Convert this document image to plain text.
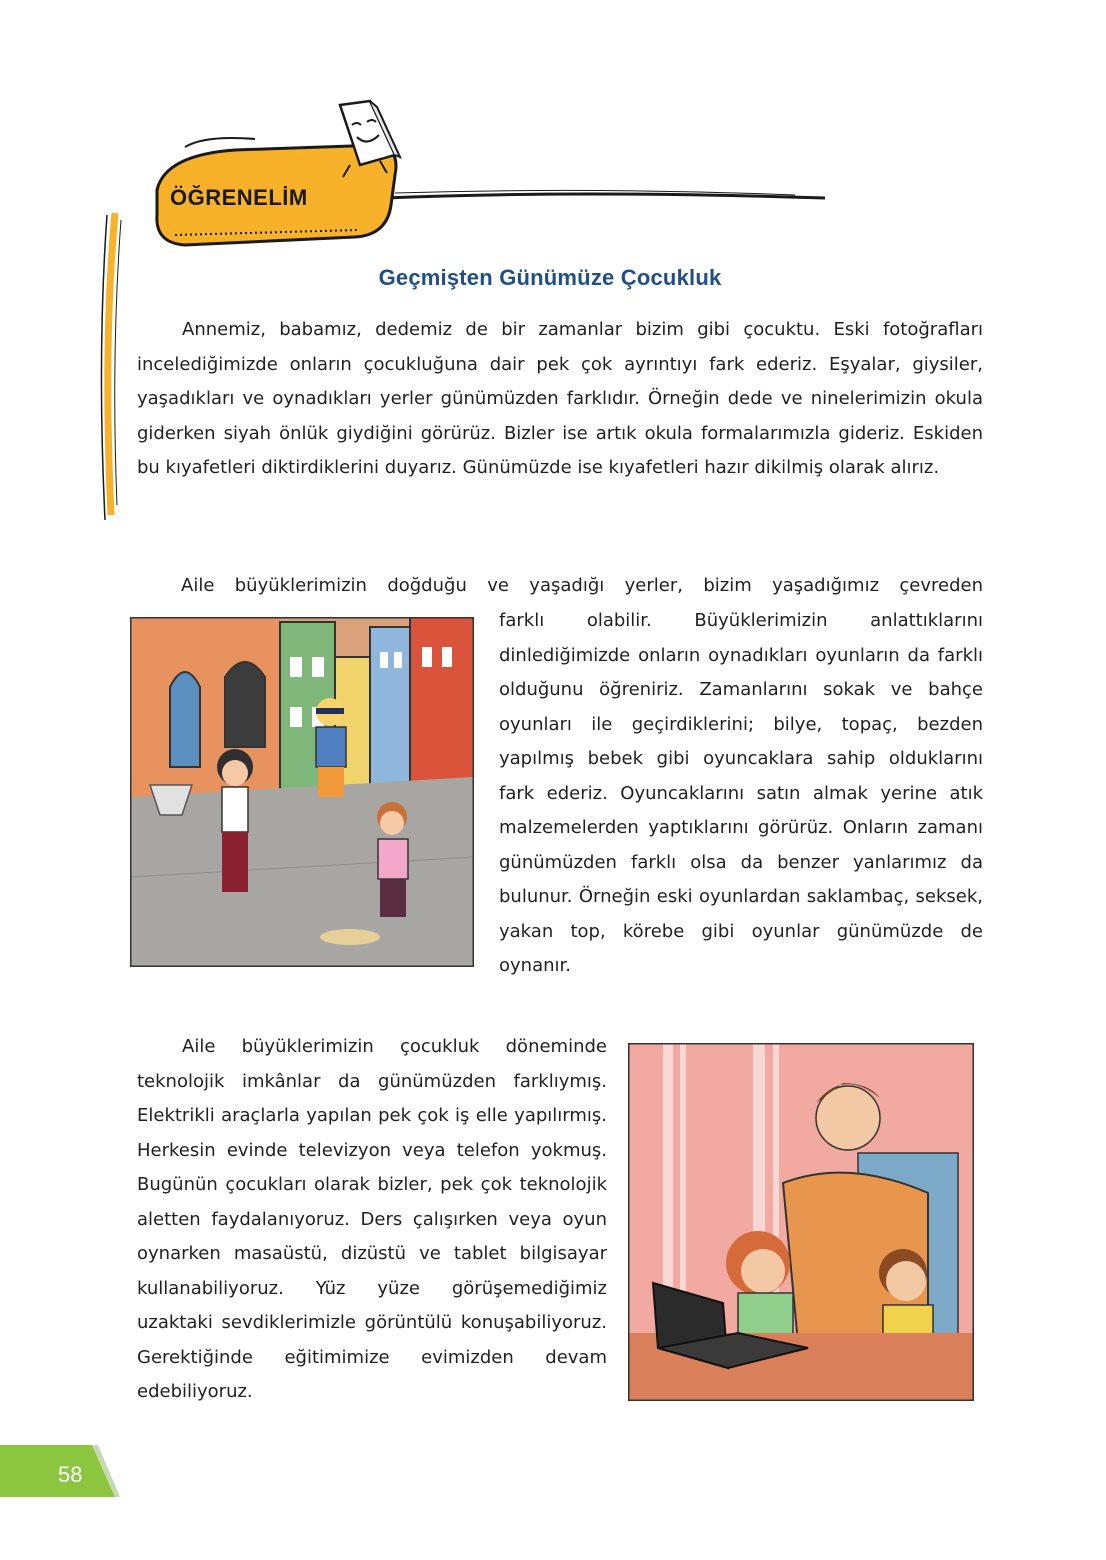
ÖĞRENELİM
Geçmişten Günümüze Çocukluk
Annemiz, babamız, dedemiz de bir zamanlar bizim gibi çocuktu. Eski fotoğrafları incelediğimizde onların çocukluğuna dair pek çok ayrıntıyı fark ederiz. Eşyalar, giysiler, yaşadıkları ve oynadıkları yerler günümüzden farklıdır. Örneğin dede ve ninelerimizin okula giderken siyah önlük giydiğini görürüz. Bizler ise artık okula formalarımızla gideriz. Eskiden bu kıyafetleri diktirdiklerini duyarız. Günümüzde ise kıyafetleri hazır dikilmiş olarak alırız.
Aile büyüklerimizin doğduğu ve yaşadığı yerler, bizim yaşadığımız çevreden
farklı olabilir. Büyüklerimizin anlattıklarını dinlediğimizde onların oynadıkları oyunların da farklı olduğunu öğreniriz. Zamanlarını sokak ve bahçe oyunları ile geçirdiklerini; bilye, topaç, bezden yapılmış bebek gibi oyuncaklara sahip olduklarını fark ederiz. Oyuncaklarını satın almak yerine atık malzemelerden yaptıklarını görürüz. Onların zamanı günümüzden farklı olsa da benzer yanlarımız da bulunur. Örneğin eski oyunlardan saklambaç, seksek, yakan top, körebe gibi oyunlar günümüzde de oynanır.
Aile büyüklerimizin çocukluk döneminde teknolojik imkânlar da günümüzden farklıymış. Elektrikli araçlarla yapılan pek çok iş elle yapılırmış. Herkesin evinde televizyon veya telefon yokmuş. Bugünün çocukları olarak bizler, pek çok teknolojik aletten faydalanıyoruz. Ders çalışırken veya oyun oynarken masaüstü, dizüstü ve tablet bilgisayar kullanabiliyoruz. Yüz yüze görüşemediğimiz uzaktaki sevdiklerimizle görüntülü konuşabiliyoruz. Gerektiğinde eğitimimize evimizden devam edebiliyoruz.
58
